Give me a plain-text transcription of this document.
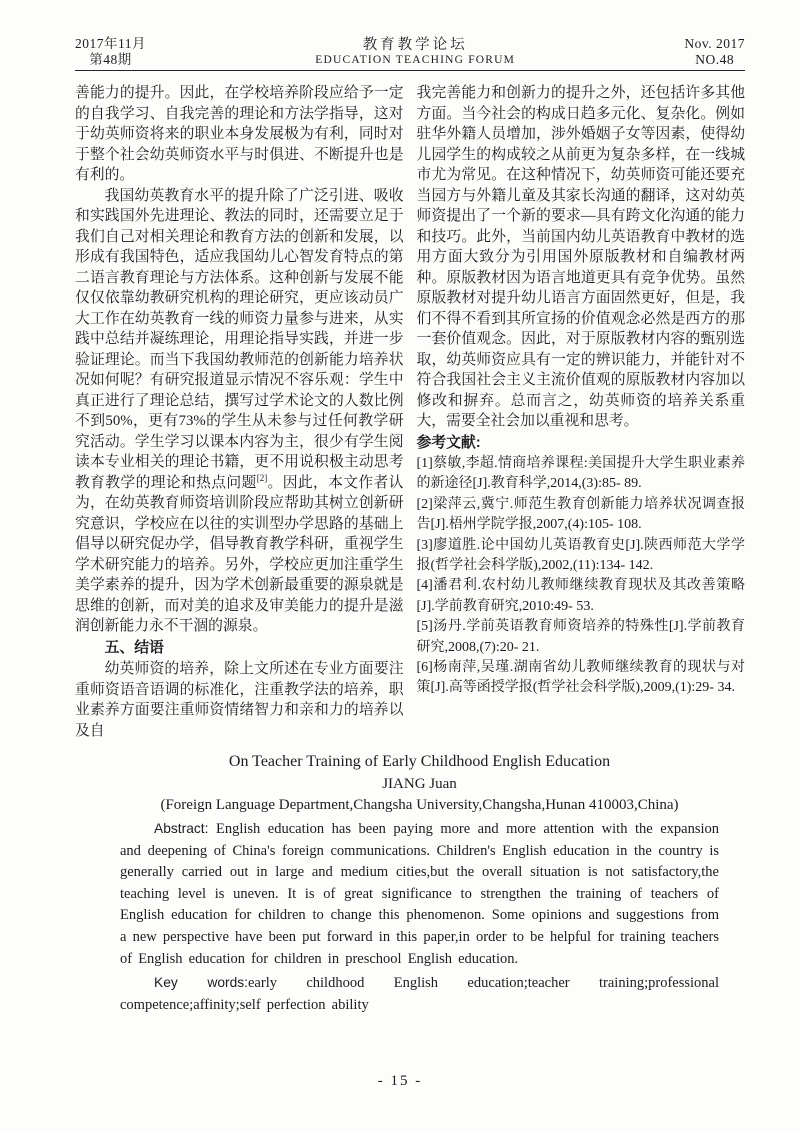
2017年11月
第48期
教育教学论坛
EDUCATION TEACHING FORUM
Nov. 2017
NO.48

善能力的提升。因此，在学校培养阶段应给予一定的自我学习、自我完善的理论和方法学指导，这对于幼英师资将来的职业本身发展极为有利，同时对于整个社会幼英师资水平与时俱进、不断提升也是有利的。

我国幼英教育水平的提升除了广泛引进、吸收和实践国外先进理论、教法的同时，还需要立足于我们自己对相关理论和教育方法的创新和发展，以形成有我国特色，适应我国幼儿心智发育特点的第二语言教育理论与方法体系。这种创新与发展不能仅仅依靠幼教研究机构的理论研究，更应该动员广大工作在幼英教育一线的师资力量参与进来，从实践中总结并凝练理论，用理论指导实践，并进一步验证理论。而当下我国幼教师范的创新能力培养状况如何呢？有研究报道显示情况不容乐观：学生中真正进行了理论总结，撰写过学术论文的人数比例不到50%，更有73%的学生从未参与过任何教学研究活动。学生学习以课本内容为主，很少有学生阅读本专业相关的理论书籍，更不用说积极主动思考教育教学的理论和热点问题[2]。因此，本文作者认为，在幼英教育师资培训阶段应帮助其树立创新研究意识，学校应在以往的实训型办学思路的基础上倡导以研究促办学，倡导教育教学科研，重视学生学术研究能力的培养。另外，学校应更加注重学生美学素养的提升，因为学术创新最重要的源泉就是思维的创新，而对美的追求及审美能力的提升是滋润创新能力永不干涸的源泉。

五、结语

幼英师资的培养，除上文所述在专业方面要注重师资语音语调的标准化，注重教学法的培养，职业素养方面要注重师资情绪智力和亲和力的培养以及自

我完善能力和创新力的提升之外，还包括许多其他方面。当今社会的构成日趋多元化、复杂化。例如驻华外籍人员增加，涉外婚姻子女等因素，使得幼儿园学生的构成较之从前更为复杂多样，在一线城市尤为常见。在这种情况下，幼英师资可能还要充当园方与外籍儿童及其家长沟通的翻译，这对幼英师资提出了一个新的要求—具有跨文化沟通的能力和技巧。此外，当前国内幼儿英语教育中教材的选用方面大致分为引用国外原版教材和自编教材两种。原版教材因为语言地道更具有竞争优势。虽然原版教材对提升幼儿语言方面固然更好，但是，我们不得不看到其所宣扬的价值观念必然是西方的那一套价值观念。因此，对于原版教材内容的甄别选取，幼英师资应具有一定的辨识能力，并能针对不符合我国社会主义主流价值观的原版教材内容加以修改和摒弃。总而言之，幼英师资的培养关系重大，需要全社会加以重视和思考。

参考文献:

[1]蔡敏,李超.情商培养课程:美国提升大学生职业素养的新途径[J].教育科学,2014,(3):85- 89.

[2]梁萍云,冀宁.师范生教育创新能力培养状况调查报告[J].梧州学院学报,2007,(4):105- 108.

[3]廖道胜.论中国幼儿英语教育史[J].陕西师范大学学报(哲学社会科学版),2002,(11):134- 142.

[4]潘君利.农村幼儿教师继续教育现状及其改善策略[J].学前教育研究,2010:49- 53.

[5]汤丹.学前英语教育师资培养的特殊性[J].学前教育研究,2008,(7):20- 21.

[6]杨南萍,吴瑾.湖南省幼儿教师继续教育的现状与对策[J].高等函授学报(哲学社会科学版),2009,(1):29- 34.

On Teacher Training of Early Childhood English Education
JIANG Juan
(Foreign Language Department,Changsha University,Changsha,Hunan 410003,China)

Abstract: English education has been paying more and more attention with the expansion and deepening of China's foreign communications. Children's English education in the country is generally carried out in large and medium cities,but the overall situation is not satisfactory,the teaching level is uneven. It is of great significance to strengthen the training of teachers of English education for children to change this phenomenon. Some opinions and suggestions from a new perspective have been put forward in this paper,in order to be helpful for training teachers of English education for children in preschool English education.

Key words:early childhood English education;teacher training;professional competence;affinity;self perfection ability

- 15 -
